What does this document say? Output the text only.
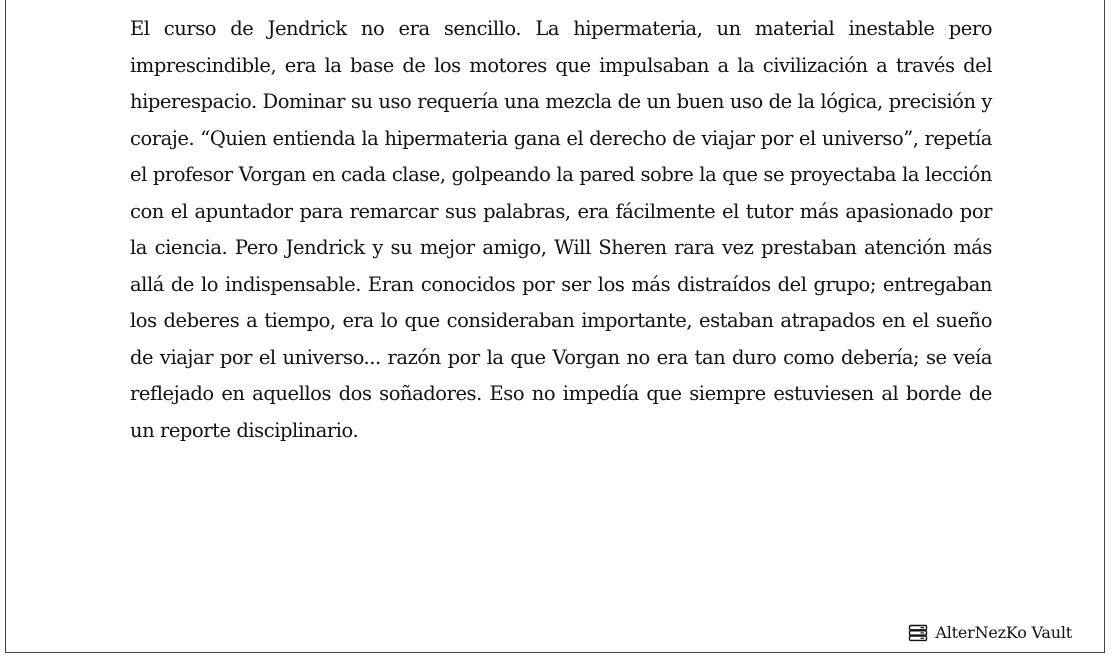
El curso de Jendrick no era sencillo. La hipermateria, un material inestable pero imprescindible, era la base de los motores que impulsaban a la civilización a través del hiperespacio. Dominar su uso requería una mezcla de un buen uso de la lógica, precisión y coraje. “Quien entienda la hipermateria gana el derecho de viajar por el universo”, repetía el profesor Vorgan en cada clase, golpeando la pared sobre la que se proyectaba la lección con el apuntador para remarcar sus palabras, era fácilmente el tutor más apasionado por la ciencia. Pero Jendrick y su mejor amigo, Will Sheren rara vez prestaban atención más allá de lo indispensable. Eran conocidos por ser los más distraídos del grupo; entregaban los deberes a tiempo, era lo que consideraban importante, estaban atrapados en el sueño de viajar por el universo... razón por la que Vorgan no era tan duro como debería; se veía reflejado en aquellos dos soñadores. Eso no impedía que siempre estuviesen al borde de un reporte disciplinario.

AlterNezKo Vault
